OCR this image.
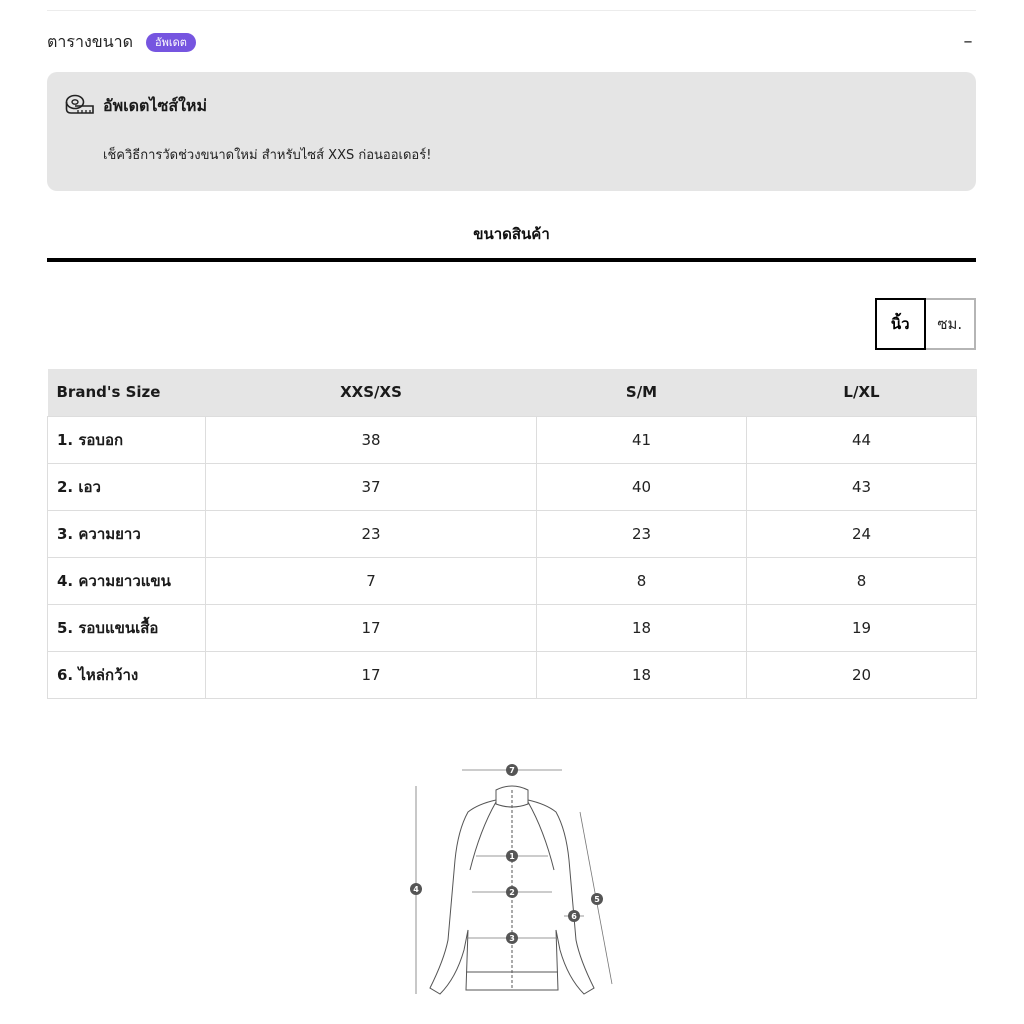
ตารางขนาด	อัพเดต	–
อัพเดตไซส์ใหม่
เช็ควิธีการวัดช่วงขนาดใหม่ สำหรับไซส์ XXS ก่อนออเดอร์!
ขนาดสินค้า
นิ้ว	ซม.
Brand's Size	XXS/XS	S/M	L/XL
1. รอบอก	38	41	44
2. เอว	37	40	43
3. ความยาว	23	23	24
4. ความยาวแขน	7	8	8
5. รอบแขนเสื้อ	17	18	19
6. ไหล่กว้าง	17	18	20
7
1
2
3
4
5
6
